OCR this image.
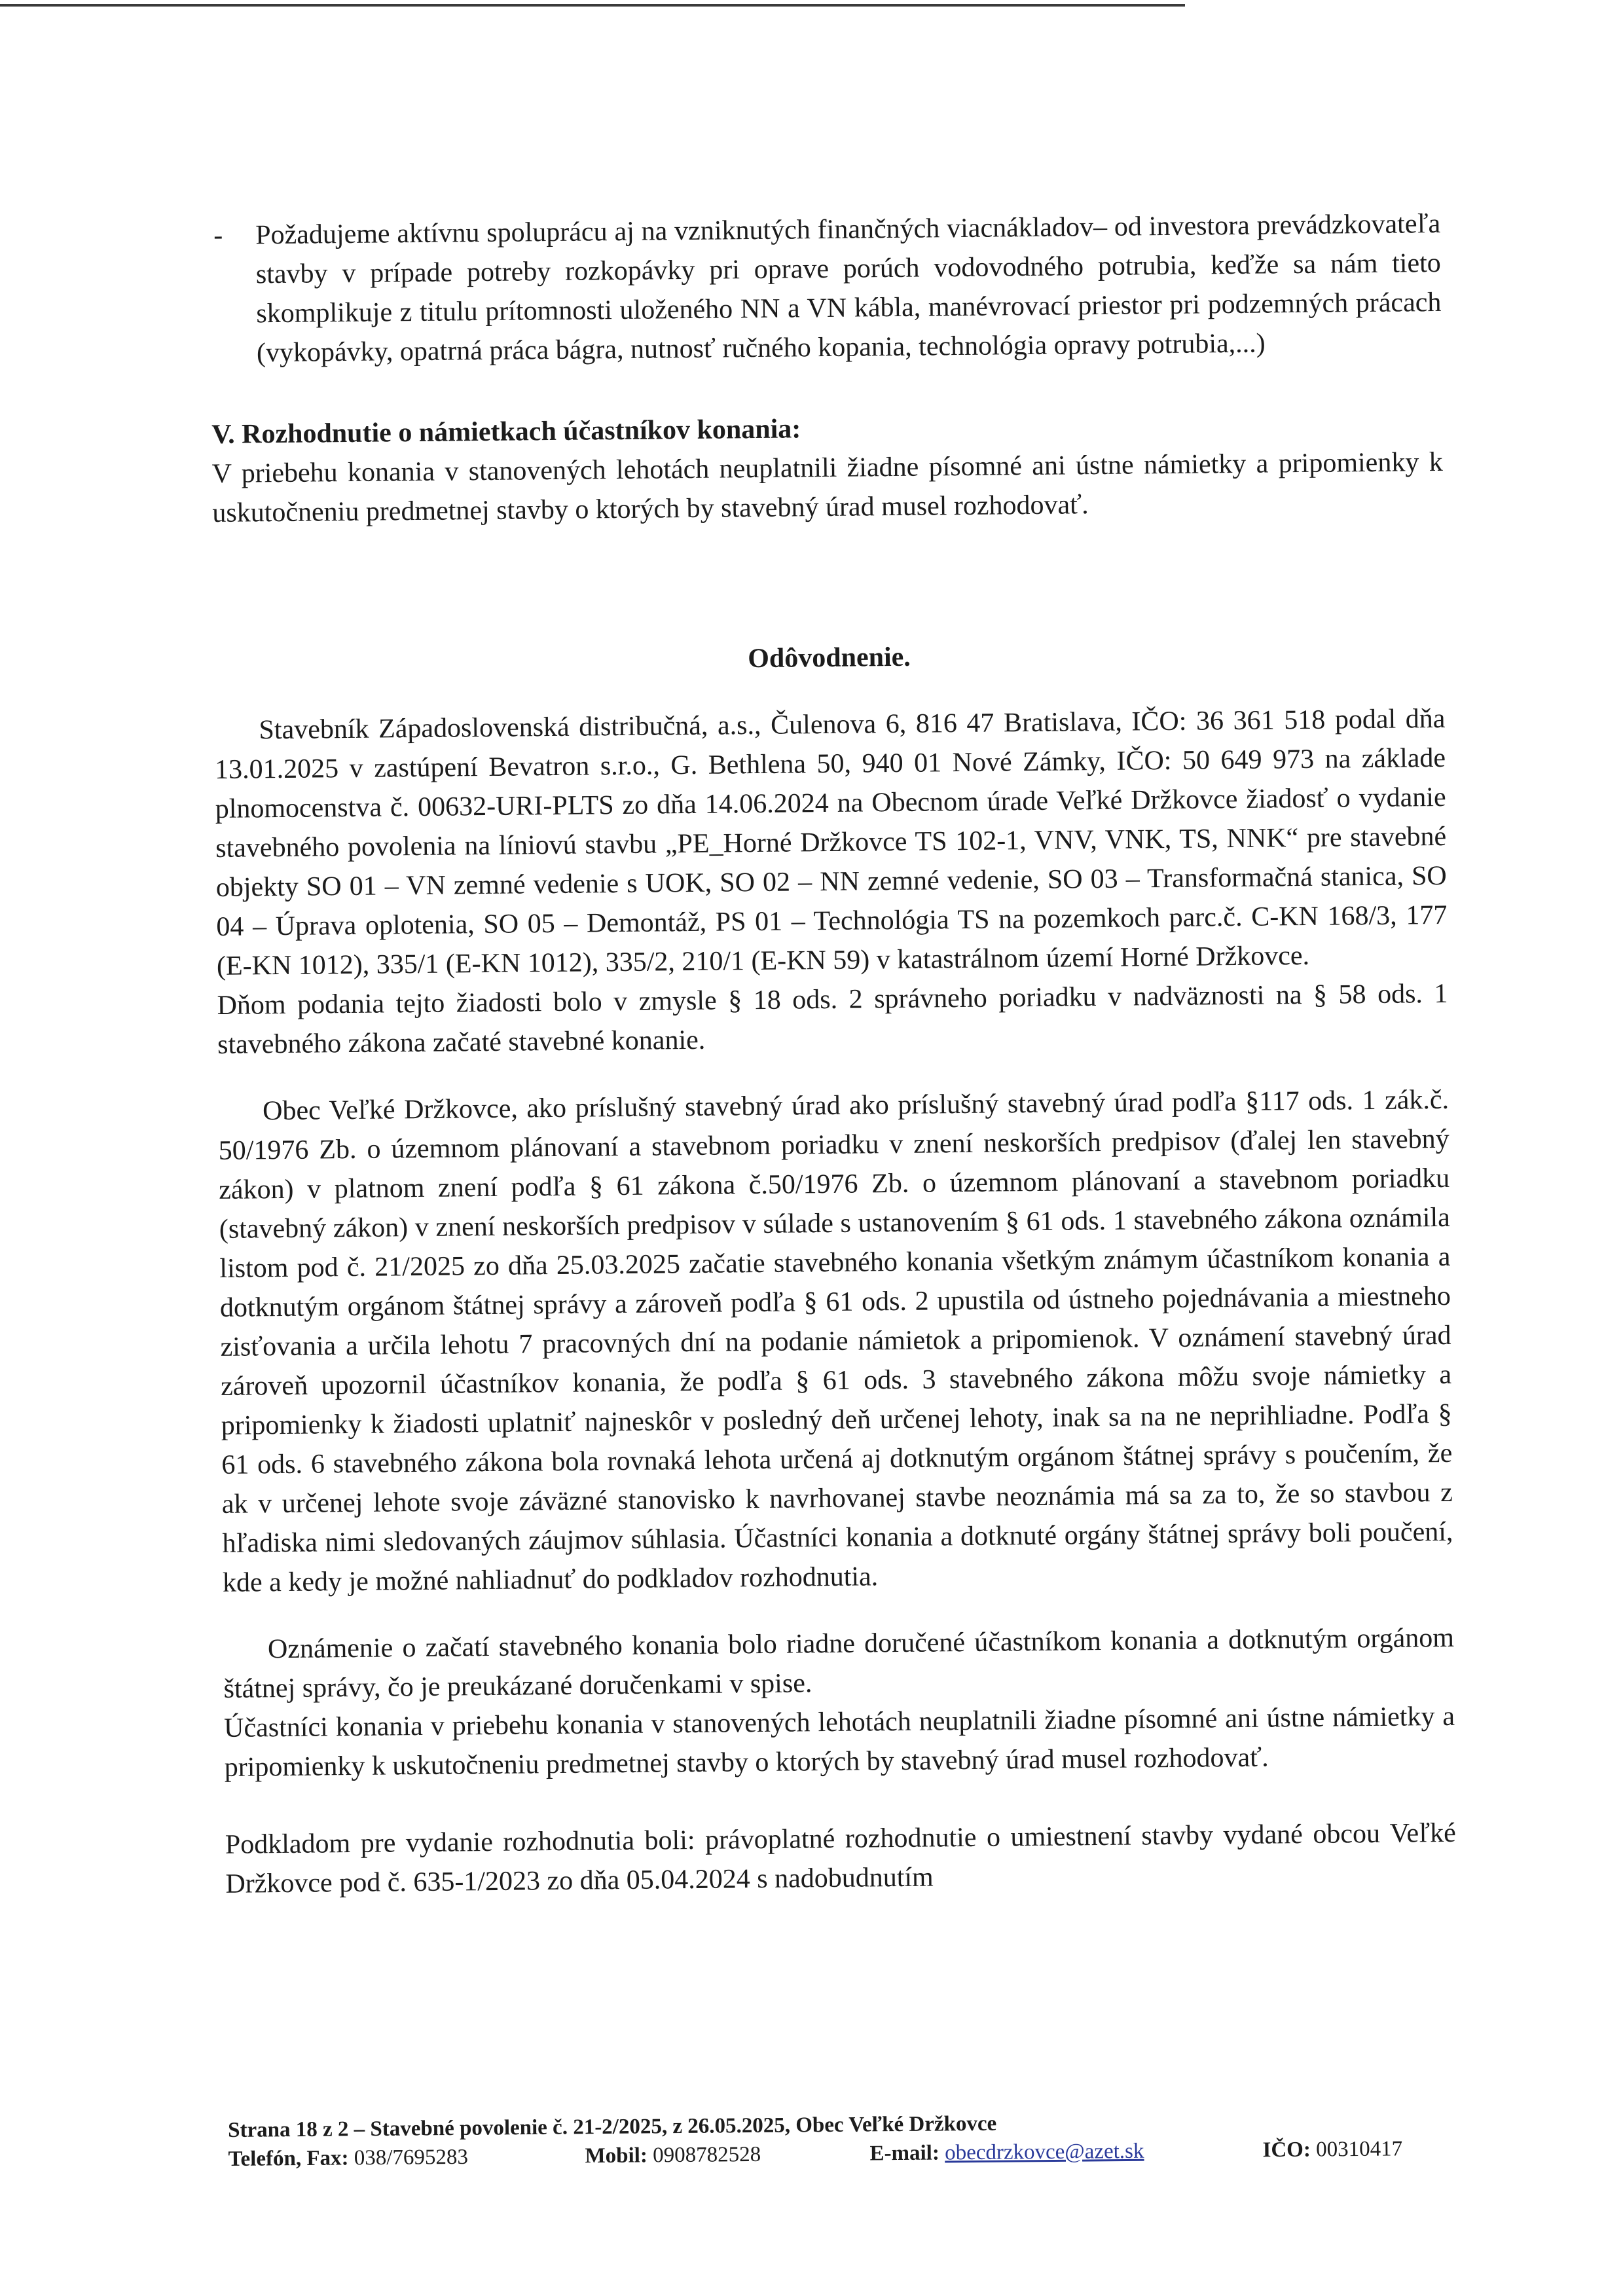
- Požadujeme aktívnu spoluprácu aj na vzniknutých finančných viacnákladov– od investora prevádzkovateľa stavby v prípade potreby rozkopávky pri oprave porúch vodovodného potrubia, keďže sa nám tieto skomplikuje z titulu prítomnosti uloženého NN a VN kábla, manévrovací priestor pri podzemných prácach (vykopávky, opatrná práca bágra, nutnosť ručného kopania, technológia opravy potrubia,...)

V. Rozhodnutie o námietkach účastníkov konania:

V priebehu konania v stanovených lehotách neuplatnili žiadne písomné ani ústne námietky a pripomienky k uskutočneniu predmetnej stavby o ktorých by stavebný úrad musel rozhodovať.

Odôvodnenie.

Stavebník Západoslovenská distribučná, a.s., Čulenova 6, 816 47 Bratislava, IČO: 36 361 518 podal dňa 13.01.2025 v zastúpení Bevatron s.r.o., G. Bethlena 50, 940 01 Nové Zámky, IČO: 50 649 973 na základe plnomocenstva č. 00632-URI-PLTS zo dňa 14.06.2024 na Obecnom úrade Veľké Držkovce žiadosť o vydanie stavebného povolenia na líniovú stavbu „PE_Horné Držkovce TS 102-1, VNV, VNK, TS, NNK“ pre stavebné objekty SO 01 – VN zemné vedenie s UOK, SO 02 – NN zemné vedenie, SO 03 – Transformačná stanica, SO 04 – Úprava oplotenia, SO 05 – Demontáž, PS 01 – Technológia TS na pozemkoch parc.č. C-KN 168/3, 177 (E-KN 1012), 335/1 (E-KN 1012), 335/2, 210/1 (E-KN 59) v katastrálnom území Horné Držkovce.

Dňom podania tejto žiadosti bolo v zmysle § 18 ods. 2 správneho poriadku v nadväznosti na § 58 ods. 1 stavebného zákona začaté stavebné konanie.

Obec Veľké Držkovce, ako príslušný stavebný úrad ako príslušný stavebný úrad podľa §117 ods. 1 zák.č. 50/1976 Zb. o územnom plánovaní a stavebnom poriadku v znení neskorších predpisov (ďalej len stavebný zákon) v platnom znení podľa § 61 zákona č.50/1976 Zb. o územnom plánovaní a stavebnom poriadku (stavebný zákon) v znení neskorších predpisov v súlade s ustanovením § 61 ods. 1 stavebného zákona oznámila listom pod č. 21/2025 zo dňa 25.03.2025 začatie stavebného konania všetkým známym účastníkom konania a dotknutým orgánom štátnej správy a zároveň podľa § 61 ods. 2 upustila od ústneho pojednávania a miestneho zisťovania a určila lehotu 7 pracovných dní na podanie námietok a pripomienok. V oznámení stavebný úrad zároveň upozornil účastníkov konania, že podľa § 61 ods. 3 stavebného zákona môžu svoje námietky a pripomienky k žiadosti uplatniť najneskôr v posledný deň určenej lehoty, inak sa na ne neprihliadne. Podľa § 61 ods. 6 stavebného zákona bola rovnaká lehota určená aj dotknutým orgánom štátnej správy s poučením, že ak v určenej lehote svoje záväzné stanovisko k navrhovanej stavbe neoznámia má sa za to, že so stavbou z hľadiska nimi sledovaných záujmov súhlasia. Účastníci konania a dotknuté orgány štátnej správy boli poučení, kde a kedy je možné nahliadnuť do podkladov rozhodnutia.

Oznámenie o začatí stavebného konania bolo riadne doručené účastníkom konania a dotknutým orgánom štátnej správy, čo je preukázané doručenkami v spise.

Účastníci konania v priebehu konania v stanovených lehotách neuplatnili žiadne písomné ani ústne námietky a pripomienky k uskutočneniu predmetnej stavby o ktorých by stavebný úrad musel rozhodovať.

Podkladom pre vydanie rozhodnutia boli: právoplatné rozhodnutie o umiestnení stavby vydané obcou Veľké Držkovce pod č. 635-1/2023 zo dňa 05.04.2024 s nadobudnutím

Strana 18 z 2 – Stavebné povolenie č. 21-2/2025, z 26.05.2025, Obec Veľké Držkovce
Telefón, Fax: 038/7695283	Mobil: 0908782528	E-mail: obecdrzkovce@azet.sk	IČO: 00310417
